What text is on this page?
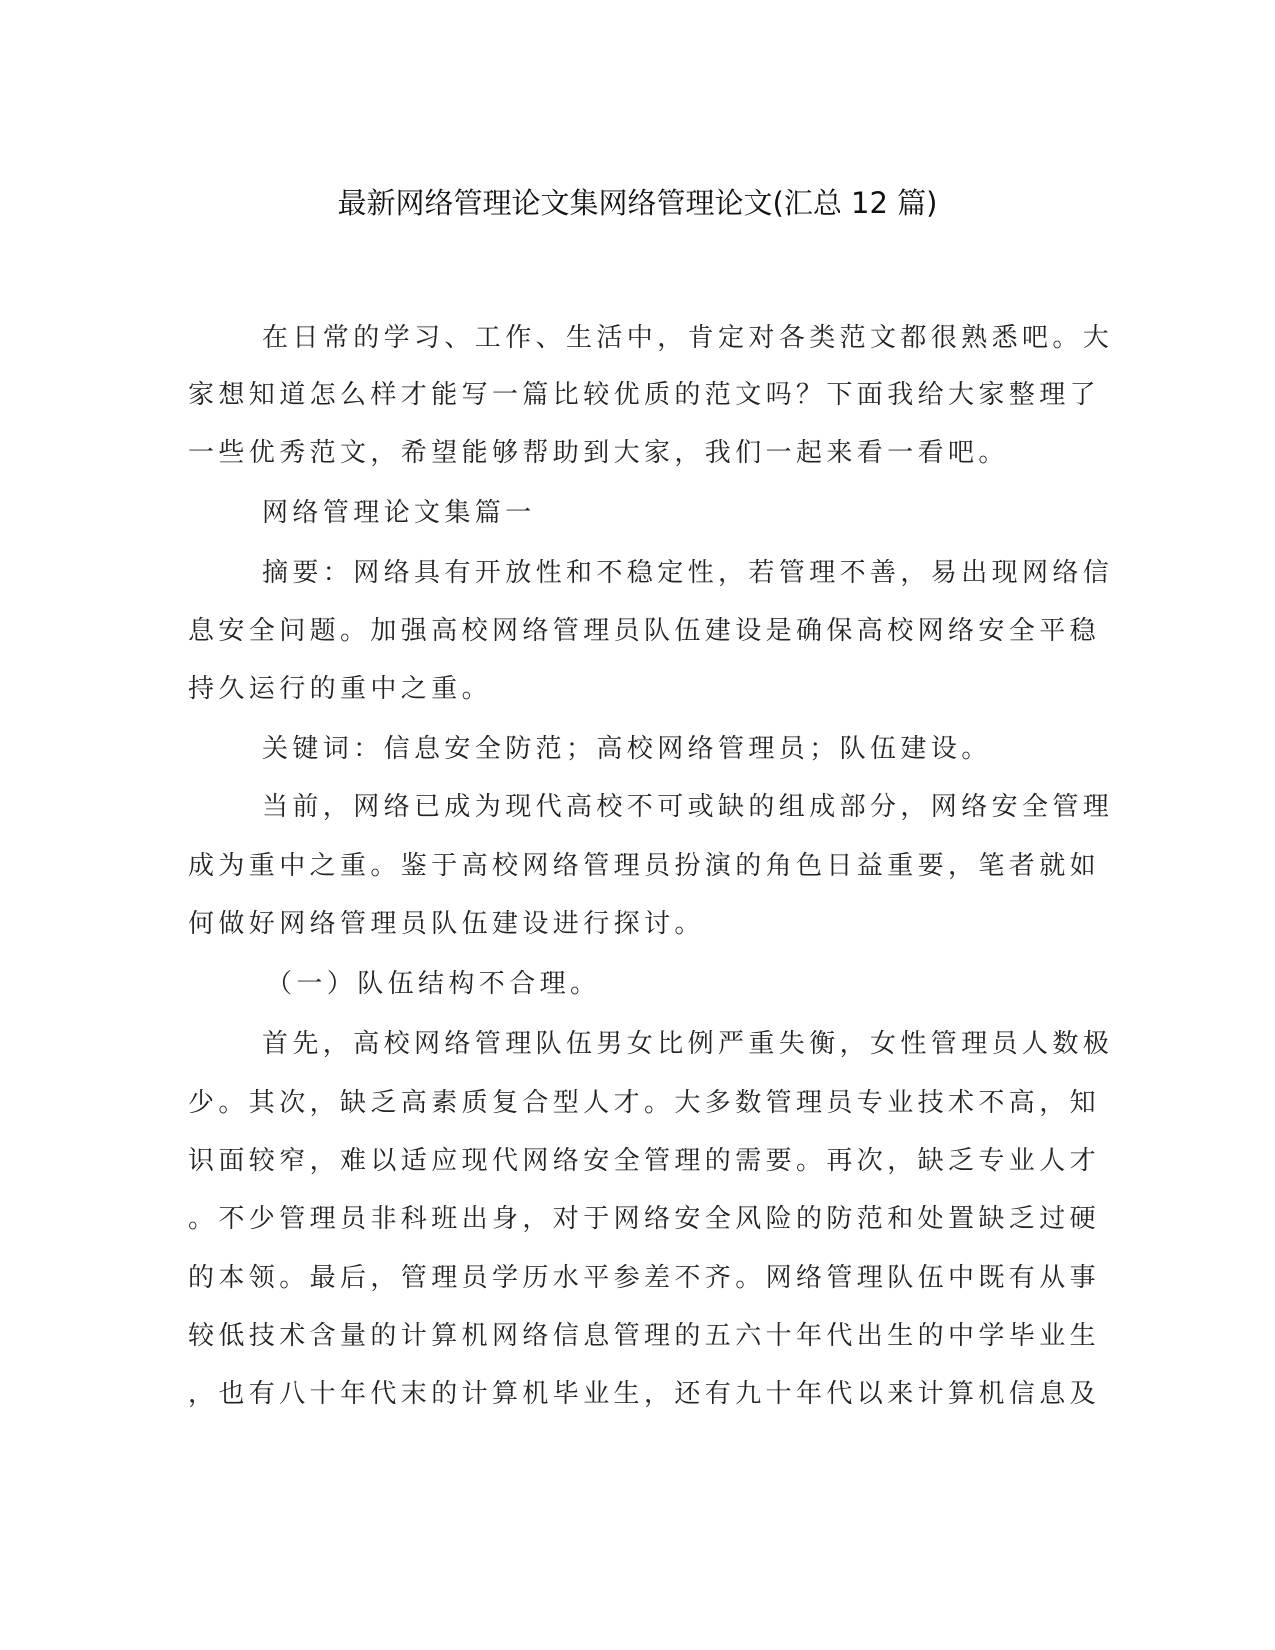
最新网络管理论文集网络管理论文(汇总 12 篇)
在日常的学习、工作、生活中，肯定对各类范文都很熟悉吧。大
家想知道怎么样才能写一篇比较优质的范文吗？下面我给大家整理了
一些优秀范文，希望能够帮助到大家，我们一起来看一看吧。
网络管理论文集篇一
摘要：网络具有开放性和不稳定性，若管理不善，易出现网络信
息安全问题。加强高校网络管理员队伍建设是确保高校网络安全平稳
持久运行的重中之重。
关键词：信息安全防范；高校网络管理员；队伍建设。
当前，网络已成为现代高校不可或缺的组成部分，网络安全管理
成为重中之重。鉴于高校网络管理员扮演的角色日益重要，笔者就如
何做好网络管理员队伍建设进行探讨。
（一）队伍结构不合理。
首先，高校网络管理队伍男女比例严重失衡，女性管理员人数极
少。其次，缺乏高素质复合型人才。大多数管理员专业技术不高，知
识面较窄，难以适应现代网络安全管理的需要。再次，缺乏专业人才
。不少管理员非科班出身，对于网络安全风险的防范和处置缺乏过硬
的本领。最后，管理员学历水平参差不齐。网络管理队伍中既有从事
较低技术含量的计算机网络信息管理的五六十年代出生的中学毕业生
，也有八十年代末的计算机毕业生，还有九十年代以来计算机信息及
